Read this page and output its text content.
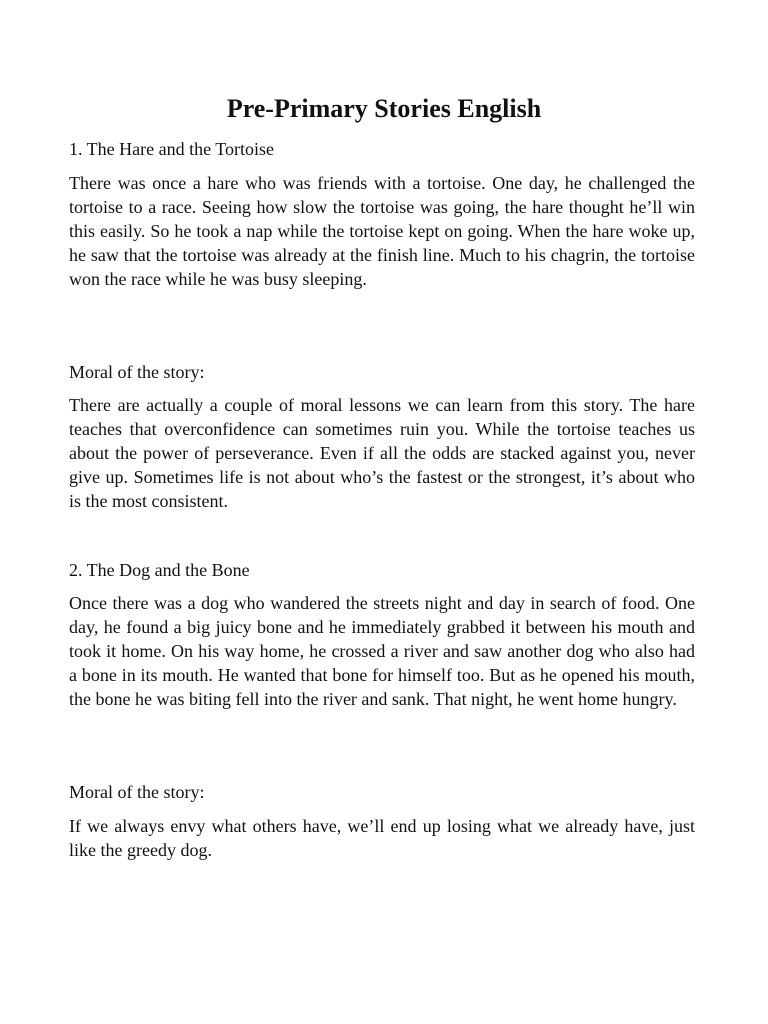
Pre-Primary Stories English
1. The Hare and the Tortoise
There was once a hare who was friends with a tortoise. One day, he challenged the tortoise to a race. Seeing how slow the tortoise was going, the hare thought he’ll win this easily. So he took a nap while the tortoise kept on going. When the hare woke up, he saw that the tortoise was already at the finish line. Much to his chagrin, the tortoise won the race while he was busy sleeping.
Moral of the story:
There are actually a couple of moral lessons we can learn from this story. The hare teaches that overconfidence can sometimes ruin you. While the tortoise teaches us about the power of perseverance. Even if all the odds are stacked against you, never give up. Sometimes life is not about who’s the fastest or the strongest, it’s about who is the most consistent.
2. The Dog and the Bone
Once there was a dog who wandered the streets night and day in search of food. One day, he found a big juicy bone and he immediately grabbed it between his mouth and took it home. On his way home, he crossed a river and saw another dog who also had a bone in its mouth. He wanted that bone for himself too. But as he opened his mouth, the bone he was biting fell into the river and sank. That night, he went home hungry.
Moral of the story:
If we always envy what others have, we’ll end up losing what we already have, just like the greedy dog.
